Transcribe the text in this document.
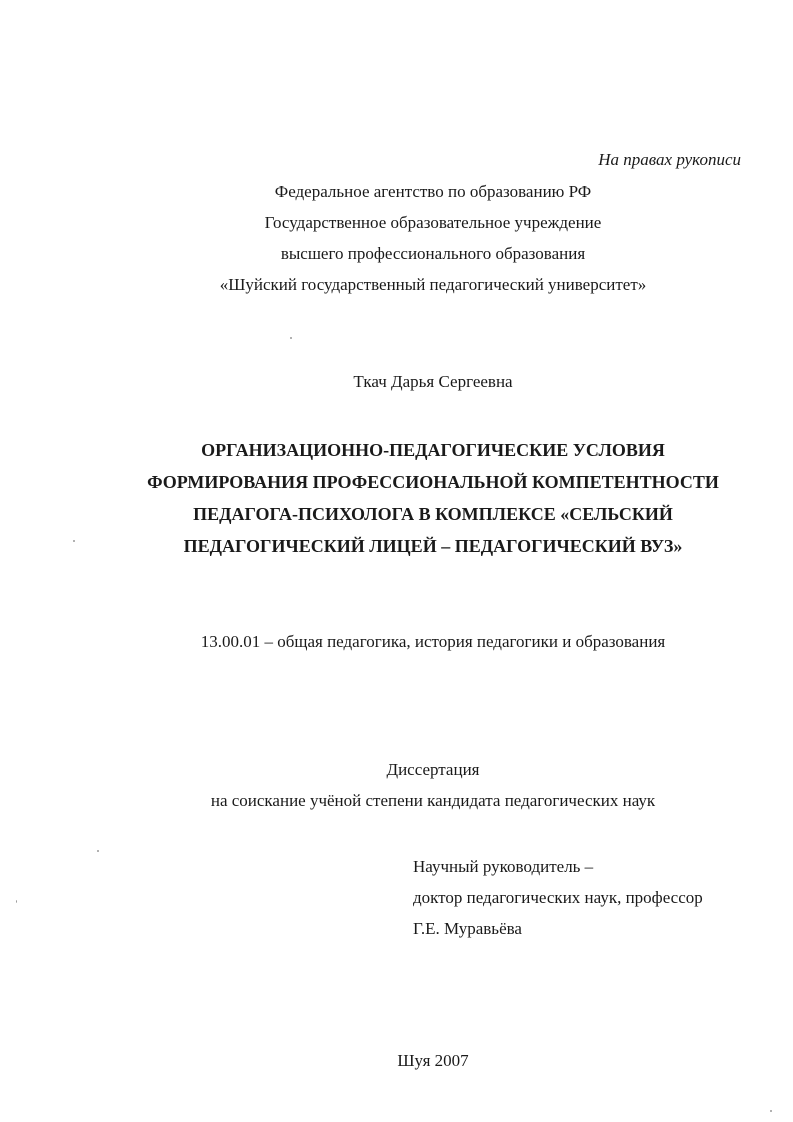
На правах рукописи
Федеральное агентство по образованию РФ
Государственное образовательное учреждение
высшего профессионального образования
«Шуйский государственный педагогический университет»
Ткач Дарья Сергеевна
ОРГАНИЗАЦИОННО-ПЕДАГОГИЧЕСКИЕ УСЛОВИЯ
ФОРМИРОВАНИЯ ПРОФЕССИОНАЛЬНОЙ КОМПЕТЕНТНОСТИ
ПЕДАГОГА-ПСИХОЛОГА В КОМПЛЕКСЕ «СЕЛЬСКИЙ
ПЕДАГОГИЧЕСКИЙ ЛИЦЕЙ – ПЕДАГОГИЧЕСКИЙ ВУЗ»
13.00.01 – общая педагогика, история педагогики и образования
Диссертация
на соискание учёной степени кандидата педагогических наук
Научный руководитель –
доктор педагогических наук, профессор
Г.Е. Муравьёва
Шуя 2007
